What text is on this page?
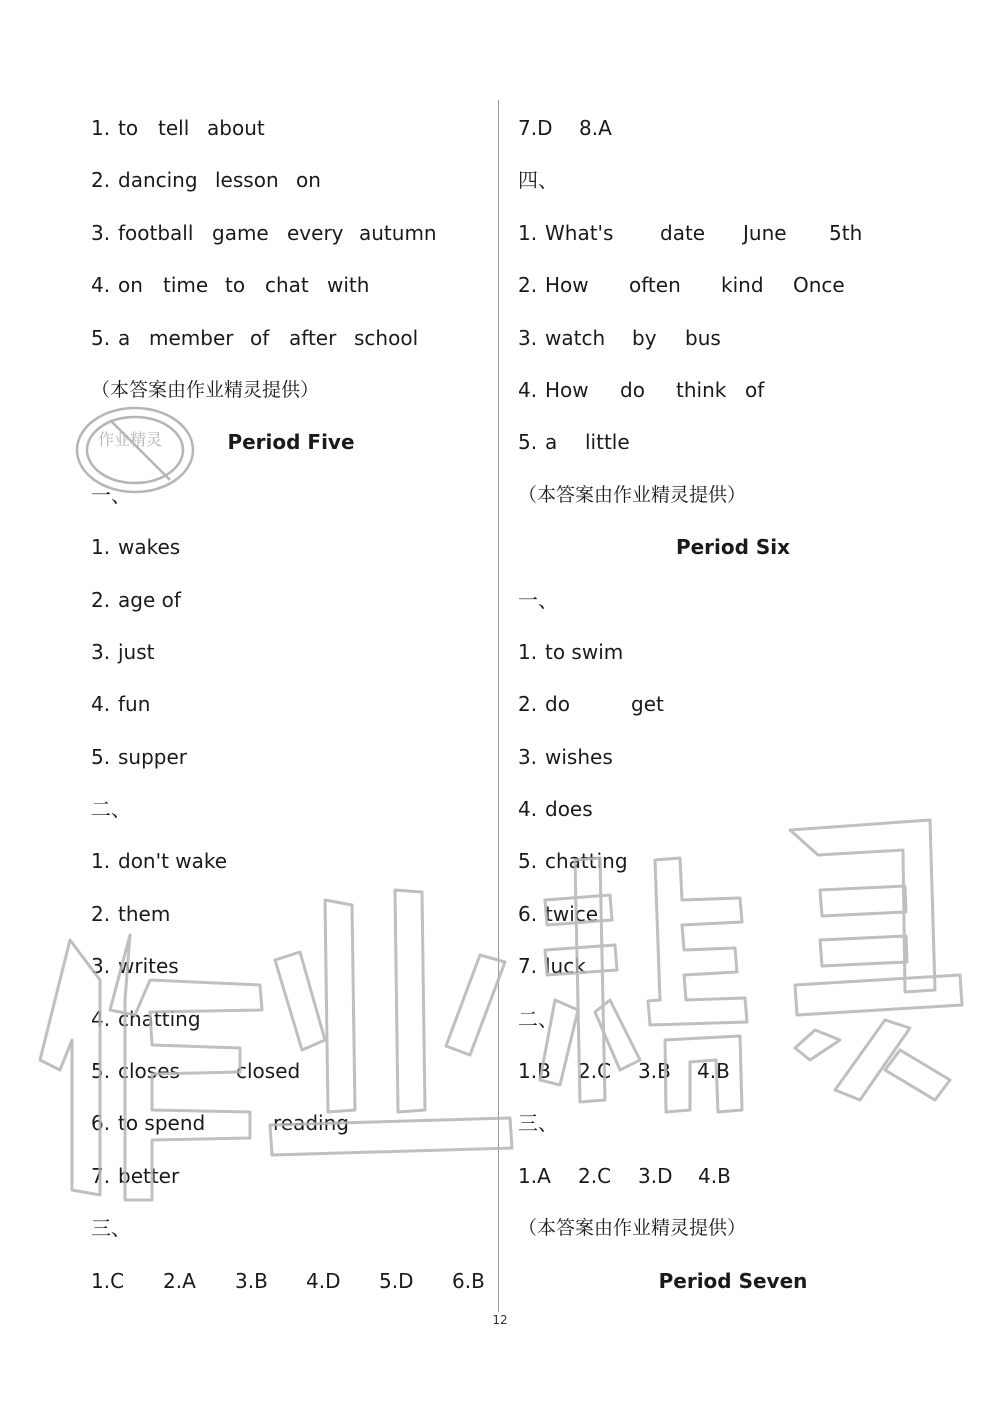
1. to tell about
2. dancing lesson on
3. football game every autumn
4. on time to chat with
5. a member of after school
（本答案由作业精灵提供）
Period Five
一、
1. wakes
2. age of
3. just
4. fun
5. supper
二、
1. don't wake
2. them
3. writes
4. chatting
5. closes	closed
6. to spend	reading
7. better
三、
1.C 2.A 3.B 4.D 5.D 6.B
7.D 8.A
四、
1. What's date June 5th
2. How often kind Once
3. watch by bus
4. How do think of
5. a little
（本答案由作业精灵提供）
Period Six
一、
1. to swim
2. do	get
3. wishes
4. does
5. chatting
6. twice
7. luck
二、
1.B 2.C 3.B 4.B
三、
1.A 2.C 3.D 4.B
（本答案由作业精灵提供）
Period Seven
12
作业精灵
